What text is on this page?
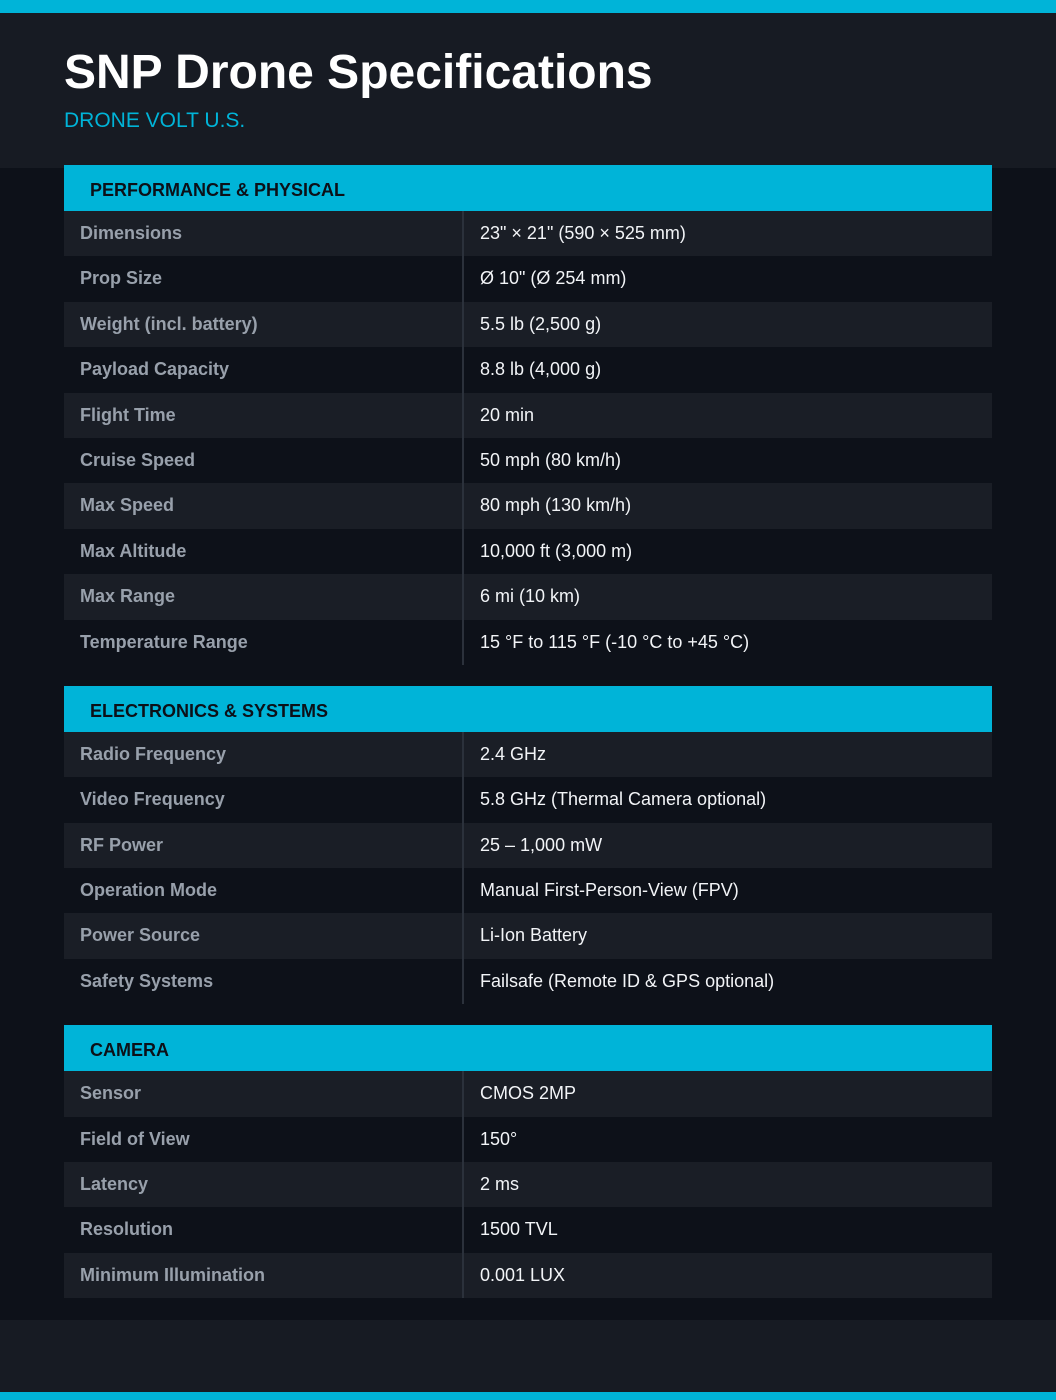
SNP Drone Specifications
DRONE VOLT U.S.
PERFORMANCE & PHYSICAL
Dimensions	23" × 21" (590 × 525 mm)
Prop Size	Ø 10" (Ø 254 mm)
Weight (incl. battery)	5.5 lb (2,500 g)
Payload Capacity	8.8 lb (4,000 g)
Flight Time	20 min
Cruise Speed	50 mph (80 km/h)
Max Speed	80 mph (130 km/h)
Max Altitude	10,000 ft (3,000 m)
Max Range	6 mi (10 km)
Temperature Range	15 °F to 115 °F (-10 °C to +45 °C)
ELECTRONICS & SYSTEMS
Radio Frequency	2.4 GHz
Video Frequency	5.8 GHz (Thermal Camera optional)
RF Power	25 – 1,000 mW
Operation Mode	Manual First-Person-View (FPV)
Power Source	Li-Ion Battery
Safety Systems	Failsafe (Remote ID & GPS optional)
CAMERA
Sensor	CMOS 2MP
Field of View	150°
Latency	2 ms
Resolution	1500 TVL
Minimum Illumination	0.001 LUX
